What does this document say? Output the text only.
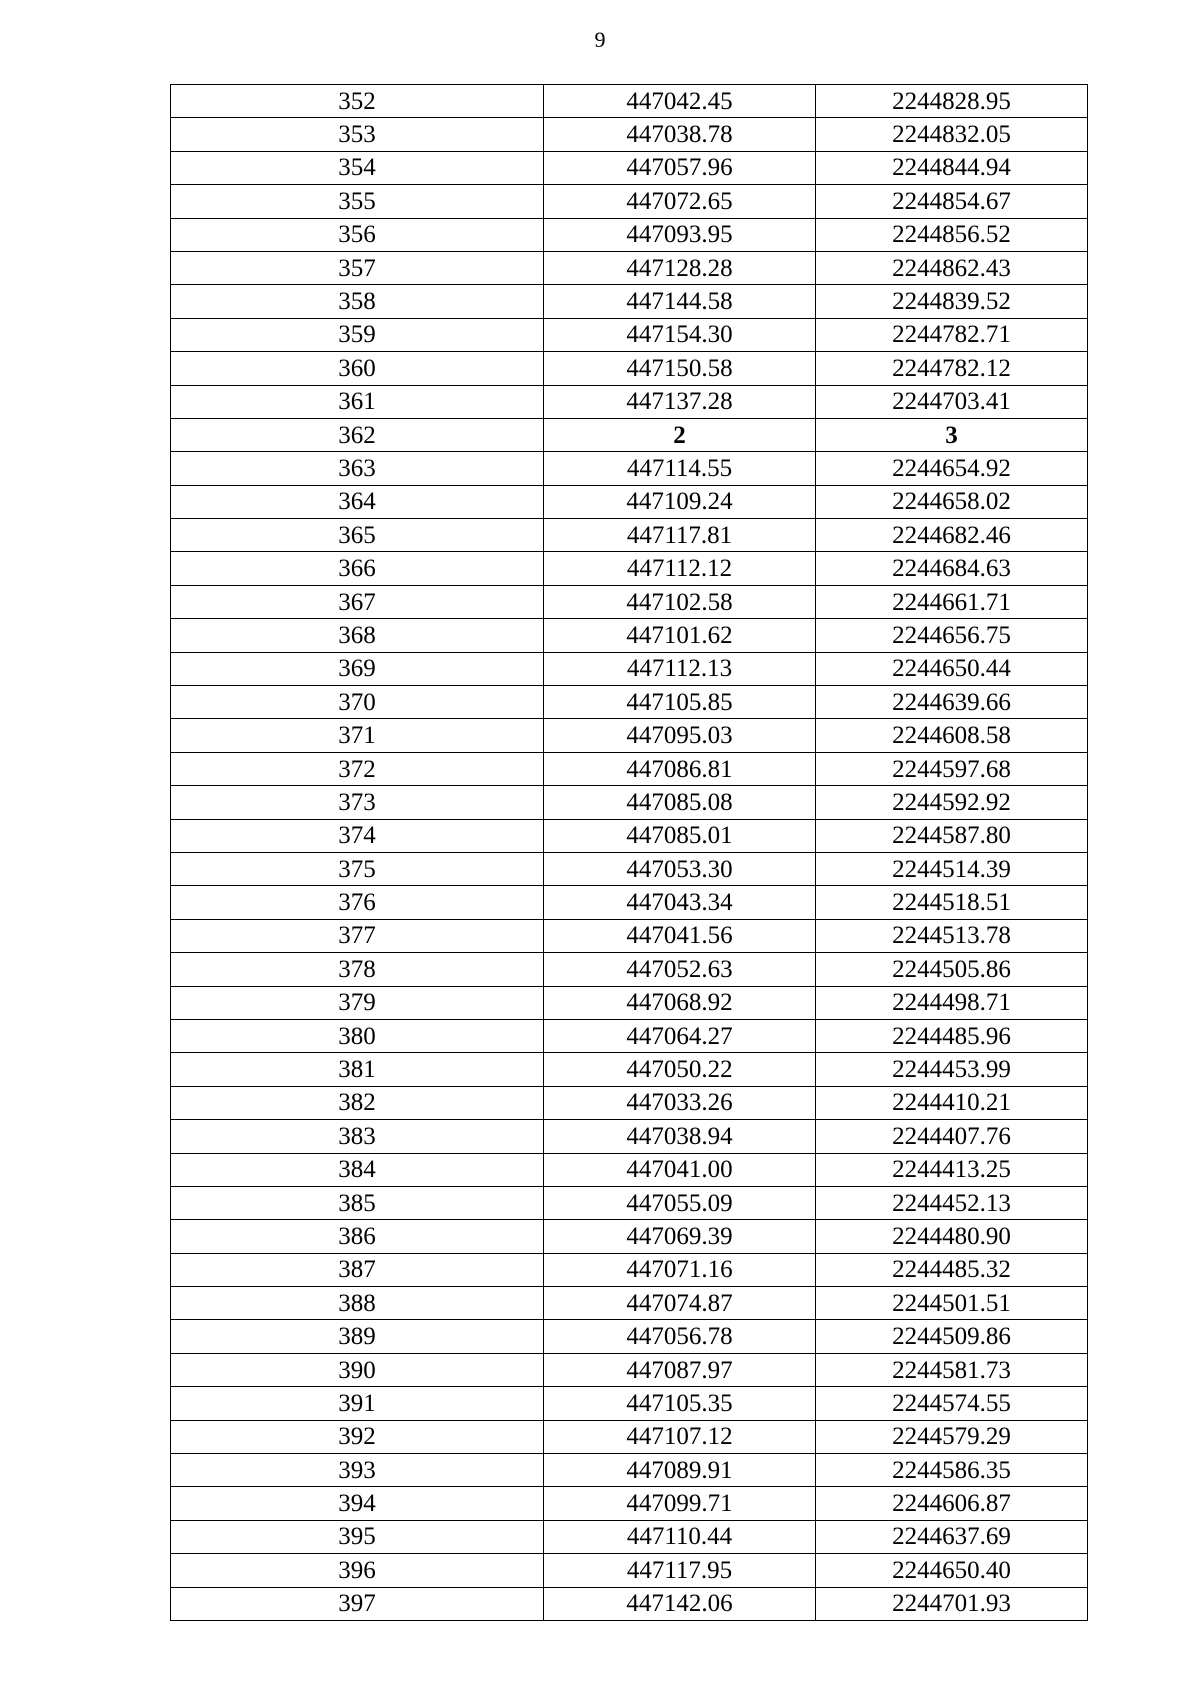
9
352	447042.45	2244828.95
353	447038.78	2244832.05
354	447057.96	2244844.94
355	447072.65	2244854.67
356	447093.95	2244856.52
357	447128.28	2244862.43
358	447144.58	2244839.52
359	447154.30	2244782.71
360	447150.58	2244782.12
361	447137.28	2244703.41
362	2	3
363	447114.55	2244654.92
364	447109.24	2244658.02
365	447117.81	2244682.46
366	447112.12	2244684.63
367	447102.58	2244661.71
368	447101.62	2244656.75
369	447112.13	2244650.44
370	447105.85	2244639.66
371	447095.03	2244608.58
372	447086.81	2244597.68
373	447085.08	2244592.92
374	447085.01	2244587.80
375	447053.30	2244514.39
376	447043.34	2244518.51
377	447041.56	2244513.78
378	447052.63	2244505.86
379	447068.92	2244498.71
380	447064.27	2244485.96
381	447050.22	2244453.99
382	447033.26	2244410.21
383	447038.94	2244407.76
384	447041.00	2244413.25
385	447055.09	2244452.13
386	447069.39	2244480.90
387	447071.16	2244485.32
388	447074.87	2244501.51
389	447056.78	2244509.86
390	447087.97	2244581.73
391	447105.35	2244574.55
392	447107.12	2244579.29
393	447089.91	2244586.35
394	447099.71	2244606.87
395	447110.44	2244637.69
396	447117.95	2244650.40
397	447142.06	2244701.93
